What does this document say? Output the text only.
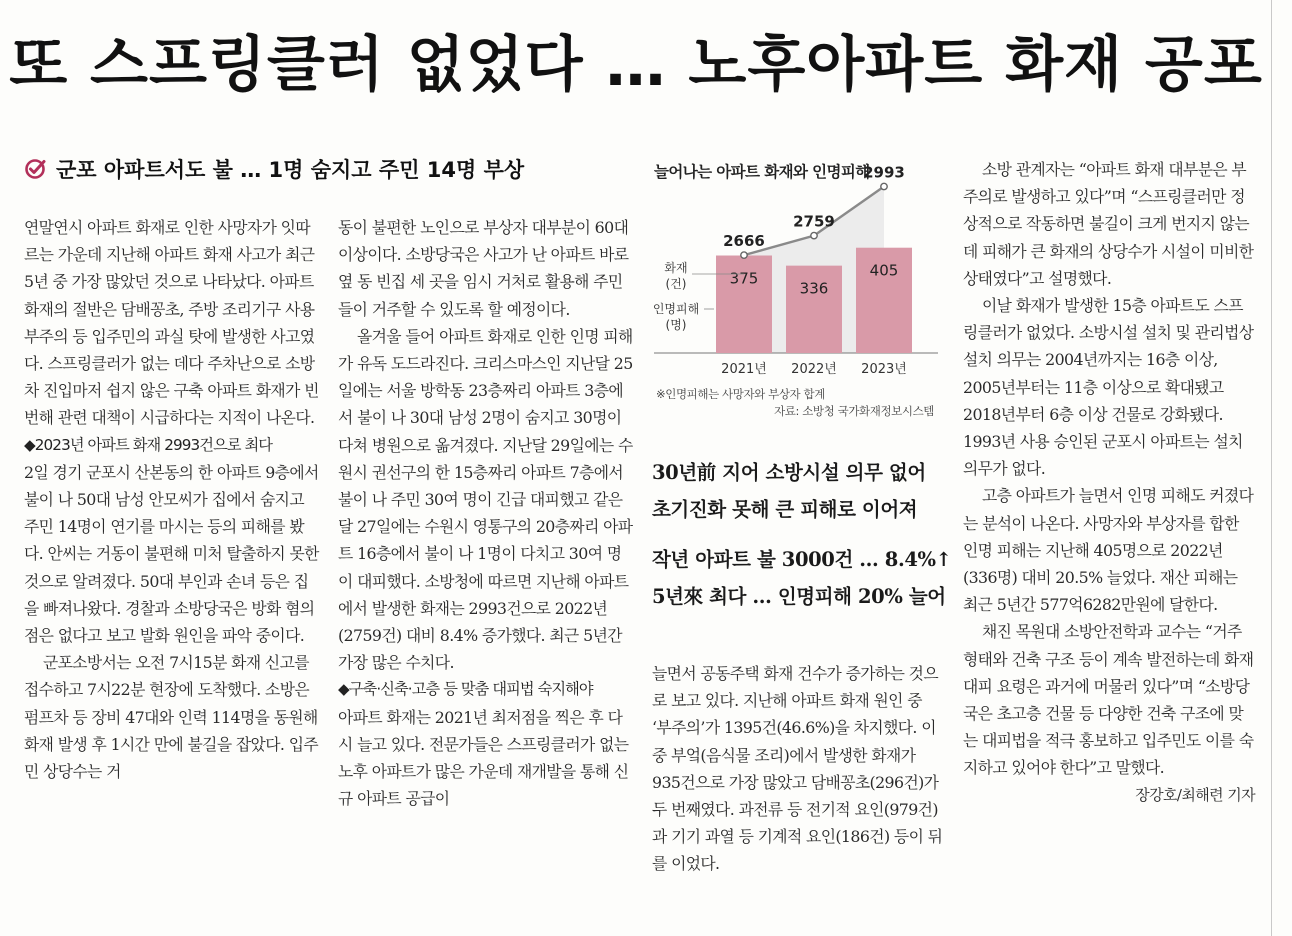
또 스프링클러 없었다 … 노후아파트 화재 공포
군포 아파트서도 불 … 1명 숨지고 주민 14명 부상

연말연시 아파트 화재로 인한 사망자가 잇따르는 가운데 지난해 아파트 화재 사고가 최근 5년 중 가장 많았던 것으로 나타났다. 아파트 화재의 절반은 담배꽁초, 주방 조리기구 사용 부주의 등 입주민의 과실 탓에 발생한 사고였다. 스프링클러가 없는 데다 주차난으로 소방차 진입마저 쉽지 않은 구축 아파트 화재가 빈번해 관련 대책이 시급하다는 지적이 나온다.

◆2023년 아파트 화재 2993건으로 최다

2일 경기 군포시 산본동의 한 아파트 9층에서 불이 나 50대 남성 안모씨가 집에서 숨지고 주민 14명이 연기를 마시는 등의 피해를 봤다. 안씨는 거동이 불편해 미처 탈출하지 못한 것으로 알려졌다. 50대 부인과 손녀 등은 집을 빠져나왔다. 경찰과 소방당국은 방화 혐의점은 없다고 보고 발화 원인을 파악 중이다.

군포소방서는 오전 7시15분 화재 신고를 접수하고 7시22분 현장에 도착했다. 소방은 펌프차 등 장비 47대와 인력 114명을 동원해 화재 발생 후 1시간 만에 불길을 잡았다. 입주민 상당수는 거

동이 불편한 노인으로 부상자 대부분이 60대 이상이다. 소방당국은 사고가 난 아파트 바로 옆 동 빈집 세 곳을 임시 거처로 활용해 주민들이 거주할 수 있도록 할 예정이다.

올겨울 들어 아파트 화재로 인한 인명 피해가 유독 도드라진다. 크리스마스인 지난달 25일에는 서울 방학동 23층짜리 아파트 3층에서 불이 나 30대 남성 2명이 숨지고 30명이 다쳐 병원으로 옮겨졌다. 지난달 29일에는 수원시 권선구의 한 15층짜리 아파트 7층에서 불이 나 주민 30여 명이 긴급 대피했고 같은 달 27일에는 수원시 영통구의 20층짜리 아파트 16층에서 불이 나 1명이 다치고 30여 명이 대피했다. 소방청에 따르면 지난해 아파트에서 발생한 화재는 2993건으로 2022년(2759건) 대비 8.4% 증가했다. 최근 5년간 가장 많은 수치다.

◆구축·신축·고층 등 맞춤 대피법 숙지해야

아파트 화재는 2021년 최저점을 찍은 후 다시 늘고 있다. 전문가들은 스프링클러가 없는 노후 아파트가 많은 가운데 재개발을 통해 신규 아파트 공급이

늘어나는 아파트 화재와 인명피해
375
2021년
336
2022년
405
2023년
2666
2759
2993
화재
(건)
인명피해
(명)
※인명피해는 사망자와 부상자 합계
자료: 소방청 국가화재정보시스템
30년前 지어 소방시설 의무 없어
초기진화 못해 큰 피해로 이어져
작년 아파트 불 3000건 … 8.4%↑
5년來 최다 … 인명피해 20% 늘어

늘면서 공동주택 화재 건수가 증가하는 것으로 보고 있다. 지난해 아파트 화재 원인 중 ‘부주의’가 1395건(46.6%)을 차지했다. 이 중 부엌(음식물 조리)에서 발생한 화재가 935건으로 가장 많았고 담배꽁초(296건)가 두 번째였다. 과전류 등 전기적 요인(979건)과 기기 과열 등 기계적 요인(186건) 등이 뒤를 이었다.

소방 관계자는 “아파트 화재 대부분은 부주의로 발생하고 있다”며 “스프링클러만 정상적으로 작동하면 불길이 크게 번지지 않는데 피해가 큰 화재의 상당수가 시설이 미비한 상태였다”고 설명했다.

이날 화재가 발생한 15층 아파트도 스프링클러가 없었다. 소방시설 설치 및 관리법상 설치 의무는 2004년까지는 16층 이상, 2005년부터는 11층 이상으로 확대됐고 2018년부터 6층 이상 건물로 강화됐다. 1993년 사용 승인된 군포시 아파트는 설치 의무가 없다.

고층 아파트가 늘면서 인명 피해도 커졌다는 분석이 나온다. 사망자와 부상자를 합한 인명 피해는 지난해 405명으로 2022년(336명) 대비 20.5% 늘었다. 재산 피해는 최근 5년간 577억6282만원에 달한다.

채진 목원대 소방안전학과 교수는 “거주 형태와 건축 구조 등이 계속 발전하는데 화재 대피 요령은 과거에 머물러 있다”며 “소방당국은 초고층 건물 등 다양한 건축 구조에 맞는 대피법을 적극 홍보하고 입주민도 이를 숙지하고 있어야 한다”고 말했다.

장강호/최해련 기자
